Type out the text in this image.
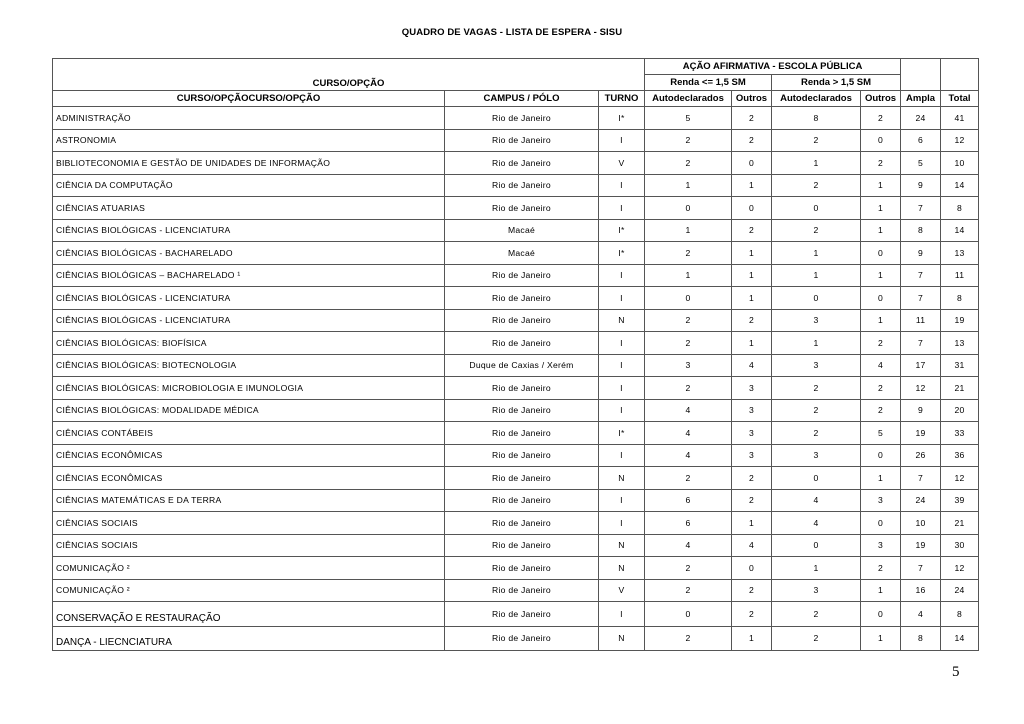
QUADRO DE VAGAS - LISTA DE ESPERA - SISU
CURSO/OPÇÃO			AÇÃO AFIRMATIVA - ESCOLA PÚBLICA					
			Renda <= 1,5 SM		Renda > 1,5 SM			
CURSO/OPÇÃOCURSO/OPÇÃO	CAMPUS / PÓLO	TURNO	Autodeclarados	Outros	Autodeclarados	Outros	Ampla	Total
ADMINISTRAÇÃO	Rio de Janeiro	I*	5	2	8	2	24	41
ASTRONOMIA	Rio de Janeiro	I	2	2	2	0	6	12
BIBLIOTECONOMIA E GESTÃO DE UNIDADES DE INFORMAÇÃO	Rio de Janeiro	V	2	0	1	2	5	10
CIÊNCIA DA COMPUTAÇÃO	Rio de Janeiro	I	1	1	2	1	9	14
CIÊNCIAS ATUARIAS	Rio de Janeiro	I	0	0	0	1	7	8
CIÊNCIAS BIOLÓGICAS - LICENCIATURA	Macaé	I*	1	2	2	1	8	14
CIÊNCIAS BIOLÓGICAS - BACHARELADO	Macaé	I*	2	1	1	0	9	13
CIÊNCIAS BIOLÓGICAS – BACHARELADO ¹	Rio de Janeiro	I	1	1	1	1	7	11
CIÊNCIAS BIOLÓGICAS - LICENCIATURA	Rio de Janeiro	I	0	1	0	0	7	8
CIÊNCIAS BIOLÓGICAS - LICENCIATURA	Rio de Janeiro	N	2	2	3	1	11	19
CIÊNCIAS BIOLÓGICAS: BIOFÍSICA	Rio de Janeiro	I	2	1	1	2	7	13
CIÊNCIAS BIOLÓGICAS: BIOTECNOLOGIA	Duque de Caxias / Xerém	I	3	4	3	4	17	31
CIÊNCIAS BIOLÓGICAS: MICROBIOLOGIA E IMUNOLOGIA	Rio de Janeiro	I	2	3	2	2	12	21
CIÊNCIAS BIOLÓGICAS: MODALIDADE MÉDICA	Rio de Janeiro	I	4	3	2	2	9	20
CIÊNCIAS CONTÁBEIS	Rio de Janeiro	I*	4	3	2	5	19	33
CIÊNCIAS ECONÔMICAS	Rio de Janeiro	I	4	3	3	0	26	36
CIÊNCIAS ECONÔMICAS	Rio de Janeiro	N	2	2	0	1	7	12
CIÊNCIAS MATEMÁTICAS E DA TERRA	Rio de Janeiro	I	6	2	4	3	24	39
CIÊNCIAS SOCIAIS	Rio de Janeiro	I	6	1	4	0	10	21
CIÊNCIAS SOCIAIS	Rio de Janeiro	N	4	4	0	3	19	30
COMUNICAÇÃO ²	Rio de Janeiro	N	2	0	1	2	7	12
COMUNICAÇÃO ²	Rio de Janeiro	V	2	2	3	1	16	24
CONSERVAÇÃO E RESTAURAÇÃO	Rio de Janeiro	I	0	2	2	0	4	8
DANÇA - LIECNCIATURA	Rio de Janeiro	N	2	1	2	1	8	14
5
